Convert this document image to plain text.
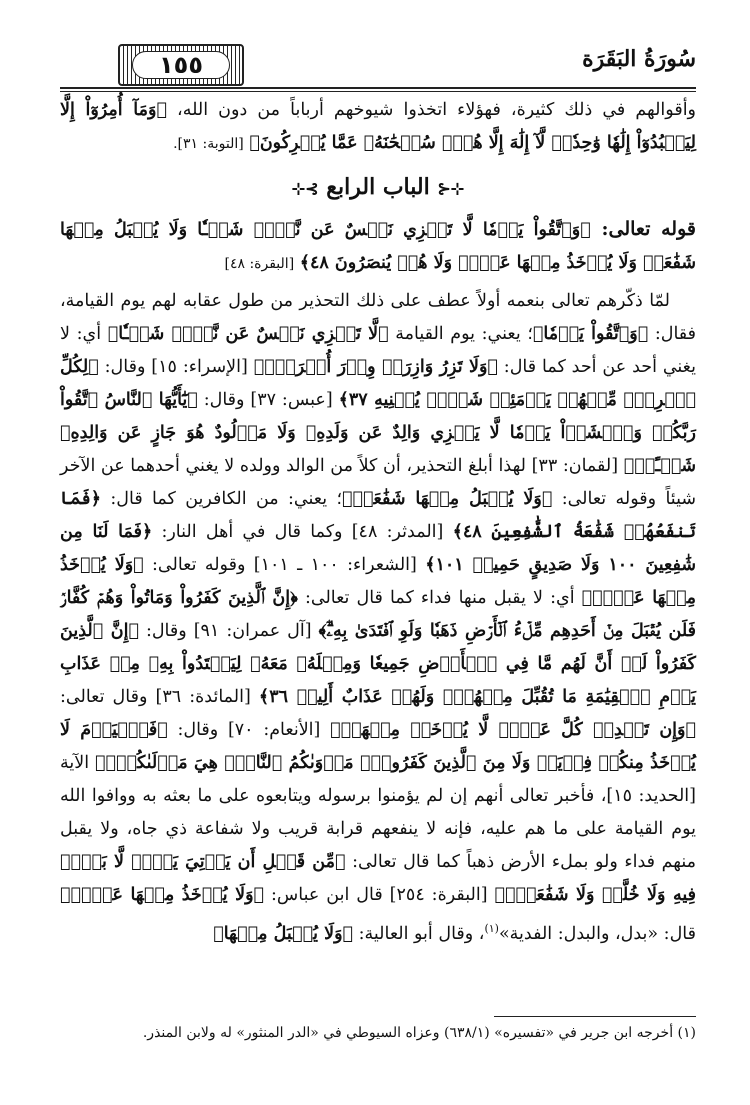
١٥٥	سُورَةُ البَقَرَة

وأقوالهم في ذلك كثيرة، فهؤلاء اتخذوا شيوخهم أرباباً من دون الله، ﴿وَمَآ أُمِرُوٓاْ إِلَّا لِيَعۡبُدُوٓاْ إِلَٰهٗا وَٰحِدٗاۖ لَّآ إِلَٰهَ إِلَّا هُوَۚ سُبۡحَٰنَهُۥ عَمَّا يُشۡرِكُونَ﴾ [التوبة: ٣١].

⊹⊰ الباب الرابع ⊱⊹

قوله تعالى: ﴿وَٱتَّقُواْ يَوۡمٗا لَّا تَجۡزِي نَفۡسٌ عَن نَّفۡسٖ شَيۡـٔٗا وَلَا يُقۡبَلُ مِنۡهَا شَفَٰعَةٞ وَلَا يُؤۡخَذُ مِنۡهَا عَدۡلٞ وَلَا هُمۡ يُنصَرُونَ ٤٨﴾ [البقرة: ٤٨]

لمّا ذكّرهم تعالى بنعمه أولاً عطف على ذلك التحذير من طول عقابه لهم يوم القيامة، فقال: ﴿وَٱتَّقُواْ يَوۡمٗا﴾؛ يعني: يوم القيامة ﴿لَّا تَجۡزِي نَفۡسٌ عَن نَّفۡسٖ شَيۡـٔٗا﴾ أي: لا يغني أحد عن أحد كما قال: ﴿وَلَا تَزِرُ وَازِرَةٞ وِزۡرَ أُخۡرَىٰۚ﴾ [الإسراء: ١٥] وقال: ﴿لِكُلِّ ٱمۡرِيٕٖ مِّنۡهُمۡ يَوۡمَئِذٖ شَأۡنٞ يُغۡنِيهِ ٣٧﴾ [عبس: ٣٧] وقال: ﴿يَٰٓأَيُّهَا ٱلنَّاسُ ٱتَّقُواْ رَبَّكُمۡ وَٱخۡشَوۡاْ يَوۡمٗا لَّا يَجۡزِي وَالِدٌ عَن وَلَدِهِۦ وَلَا مَوۡلُودٌ هُوَ جَازٍ عَن وَالِدِهِۦ شَيۡـًٔاۚ﴾ [لقمان: ٣٣] لهذا أبلغ التحذير، أن كلاً من الوالد وولده لا يغني أحدهما عن الآخر شيئاً وقوله تعالى: ﴿وَلَا يُقۡبَلُ مِنۡهَا شَفَٰعَةٞ﴾؛ يعني: من الكافرين كما قال: ﴿فَمَا تَنفَعُهُمۡ شَفَٰعَةُ ٱلشَّٰفِعِينَ ٤٨﴾ [المدثر: ٤٨] وكما قال في أهل النار: ﴿فَمَا لَنَا مِن شَٰفِعِينَ ١٠٠ وَلَا صَدِيقٍ حَمِيمٖ ١٠١﴾ [الشعراء: ١٠٠ ـ ١٠١] وقوله تعالى: ﴿وَلَا يُؤۡخَذُ مِنۡهَا عَدۡلٞ﴾ أي: لا يقبل منها فداء كما قال تعالى: ﴿إِنَّ ٱلَّذِينَ كَفَرُواْ وَمَاتُواْ وَهُمۡ كُفَّارٞ فَلَن يُقۡبَلَ مِنۡ أَحَدِهِم مِّلۡءُ ٱلۡأَرۡضِ ذَهَبٗا وَلَوِ ٱفۡتَدَىٰ بِهِۦٓۗ﴾ [آل عمران: ٩١] وقال: ﴿إِنَّ ٱلَّذِينَ كَفَرُواْ لَوۡ أَنَّ لَهُم مَّا فِي ٱلۡأَرۡضِ جَمِيعٗا وَمِثۡلَهُۥ مَعَهُۥ لِيَفۡتَدُواْ بِهِۦ مِنۡ عَذَابِ يَوۡمِ ٱلۡقِيَٰمَةِ مَا تُقُبِّلَ مِنۡهُمۡۖ وَلَهُمۡ عَذَابٌ أَلِيمٞ ٣٦﴾ [المائدة: ٣٦] وقال تعالى: ﴿وَإِن تَعۡدِلۡ كُلَّ عَدۡلٖ لَّا يُؤۡخَذۡ مِنۡهَآۗ﴾ [الأنعام: ٧٠] وقال: ﴿فَٱلۡيَوۡمَ لَا يُؤۡخَذُ مِنكُمۡ فِدۡيَةٞ وَلَا مِنَ ٱلَّذِينَ كَفَرُواْۚ مَأۡوَىٰكُمُ ٱلنَّارُۖ هِيَ مَوۡلَىٰكُمۡۖ﴾ الآية [الحديد: ١٥]، فأخبر تعالى أنهم إن لم يؤمنوا برسوله ويتابعوه على ما بعثه به ووافوا الله يوم القيامة على ما هم عليه، فإنه لا ينفعهم قرابة قريب ولا شفاعة ذي جاه، ولا يقبل منهم فداء ولو بملء الأرض ذهباً كما قال تعالى: ﴿مِّن قَبۡلِ أَن يَأۡتِيَ يَوۡمٞ لَّا بَيۡعٞ فِيهِ وَلَا خُلَّةٞ وَلَا شَفَٰعَةٞۗ﴾ [البقرة: ٢٥٤] قال ابن عباس: ﴿وَلَا يُؤۡخَذُ مِنۡهَا عَدۡلٞ﴾ قال: «بدل، والبدل: الفدية»$^{(١)}$، وقال أبو العالية: ﴿وَلَا يُقۡبَلُ مِنۡهَا﴾

(١) أخرجه ابن جرير في «تفسيره» (٦٣٨/١) وعزاه السيوطي في «الدر المنثور» له ولابن المنذر.
